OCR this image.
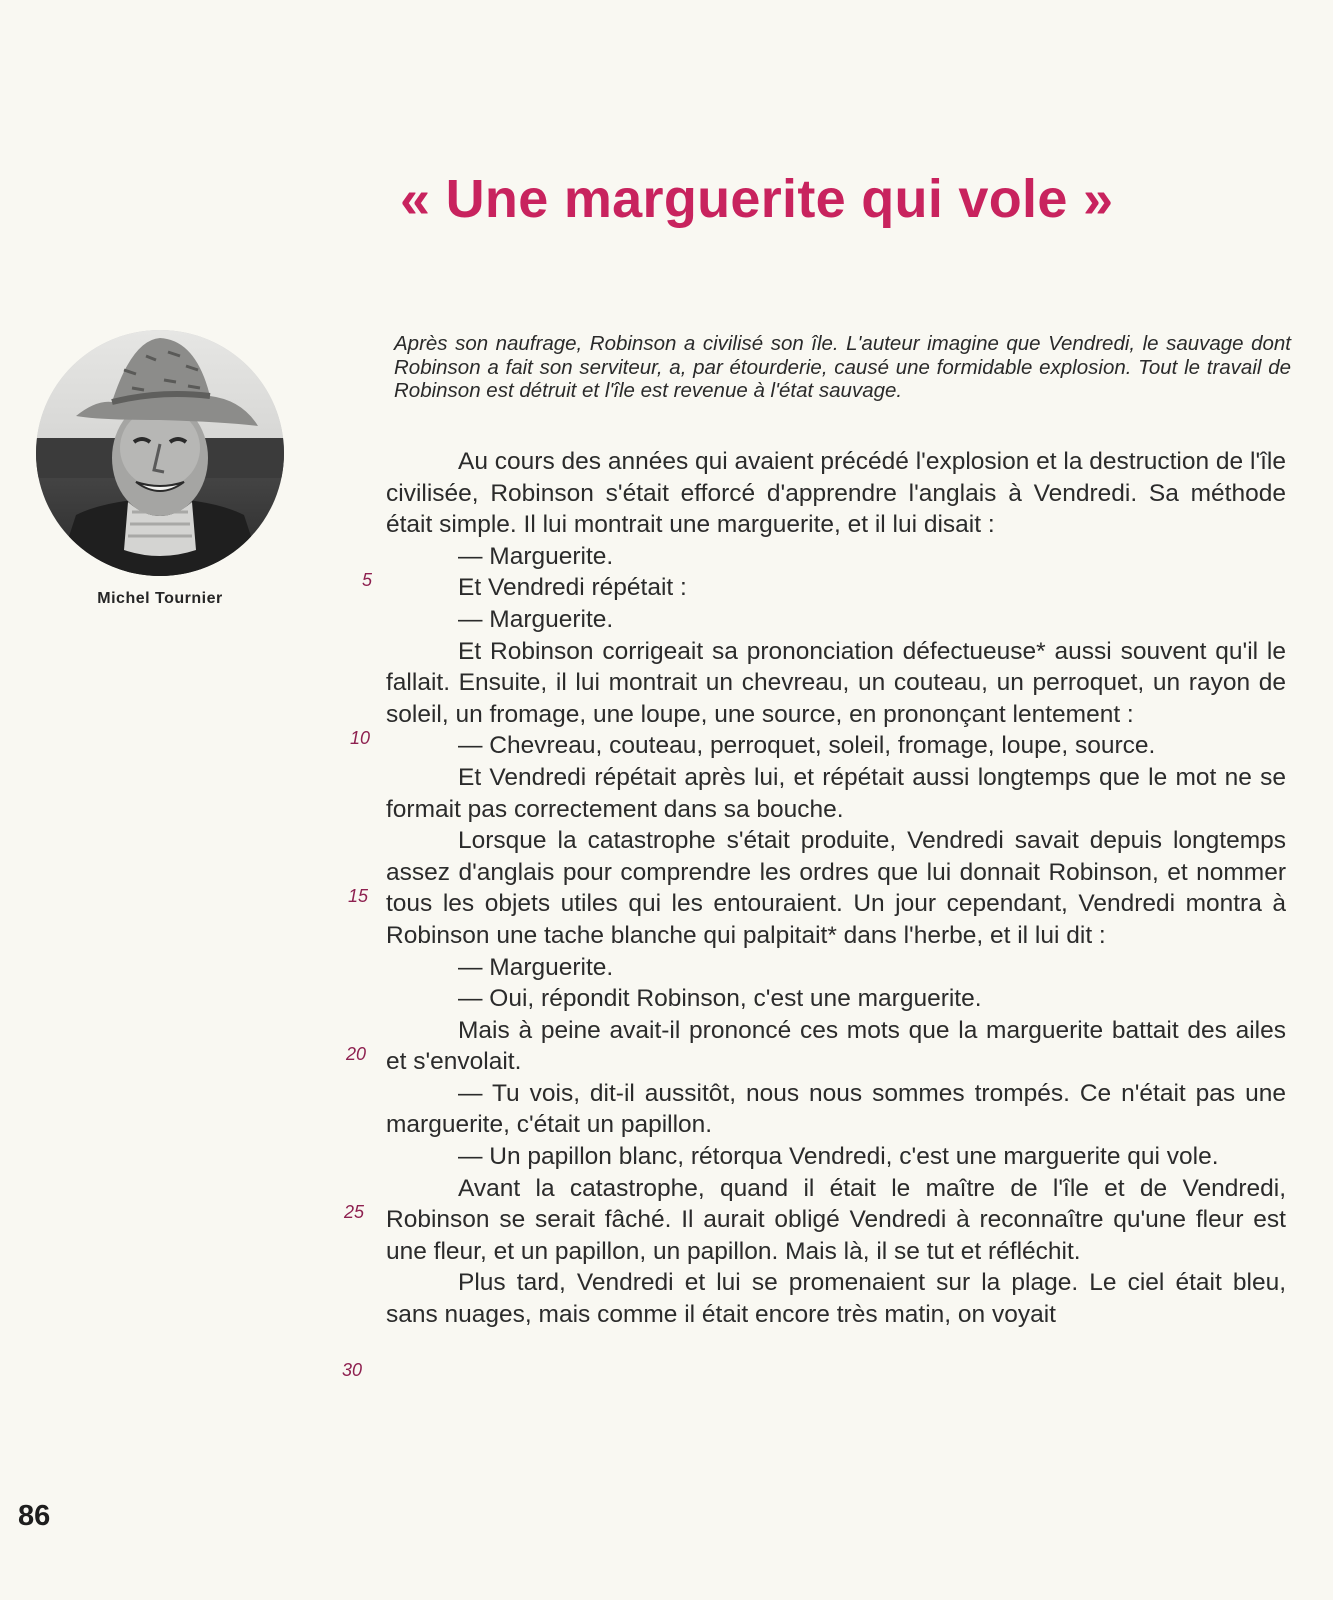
« Une marguerite qui vole »
Michel Tournier

Après son naufrage, Robinson a civilisé son île. L'auteur imagine que Vendredi, le sauvage dont Robinson a fait son serviteur, a, par étourderie, causé une formidable explosion. Tout le travail de Robinson est détruit et l'île est revenue à l'état sauvage.

Au cours des années qui avaient précédé l'explosion et la destruction de l'île civilisée, Robinson s'était efforcé d'apprendre l'anglais à Vendredi. Sa méthode était simple. Il lui montrait une marguerite, et il lui disait :

— Marguerite.

Et Vendredi répétait :

— Marguerite.

Et Robinson corrigeait sa prononciation défectueuse* aussi souvent qu'il le fallait. Ensuite, il lui montrait un chevreau, un couteau, un perroquet, un rayon de soleil, un fromage, une loupe, une source, en prononçant lentement :

— Chevreau, couteau, perroquet, soleil, fromage, loupe, source.

Et Vendredi répétait après lui, et répétait aussi longtemps que le mot ne se formait pas correctement dans sa bouche.

Lorsque la catastrophe s'était produite, Vendredi savait depuis longtemps assez d'anglais pour comprendre les ordres que lui donnait Robinson, et nommer tous les objets utiles qui les entouraient. Un jour cependant, Vendredi montra à Robinson une tache blanche qui palpitait* dans l'herbe, et il lui dit :

— Marguerite.

— Oui, répondit Robinson, c'est une marguerite.

Mais à peine avait-il prononcé ces mots que la marguerite battait des ailes et s'envolait.

— Tu vois, dit-il aussitôt, nous nous sommes trompés. Ce n'était pas une marguerite, c'était un papillon.

— Un papillon blanc, rétorqua Vendredi, c'est une marguerite qui vole.

Avant la catastrophe, quand il était le maître de l'île et de Vendredi, Robinson se serait fâché. Il aurait obligé Vendredi à reconnaître qu'une fleur est une fleur, et un papillon, un papillon. Mais là, il se tut et réfléchit.

Plus tard, Vendredi et lui se promenaient sur la plage. Le ciel était bleu, sans nuages, mais comme il était encore très matin, on voyait

5
10
15
20
25
30
86
